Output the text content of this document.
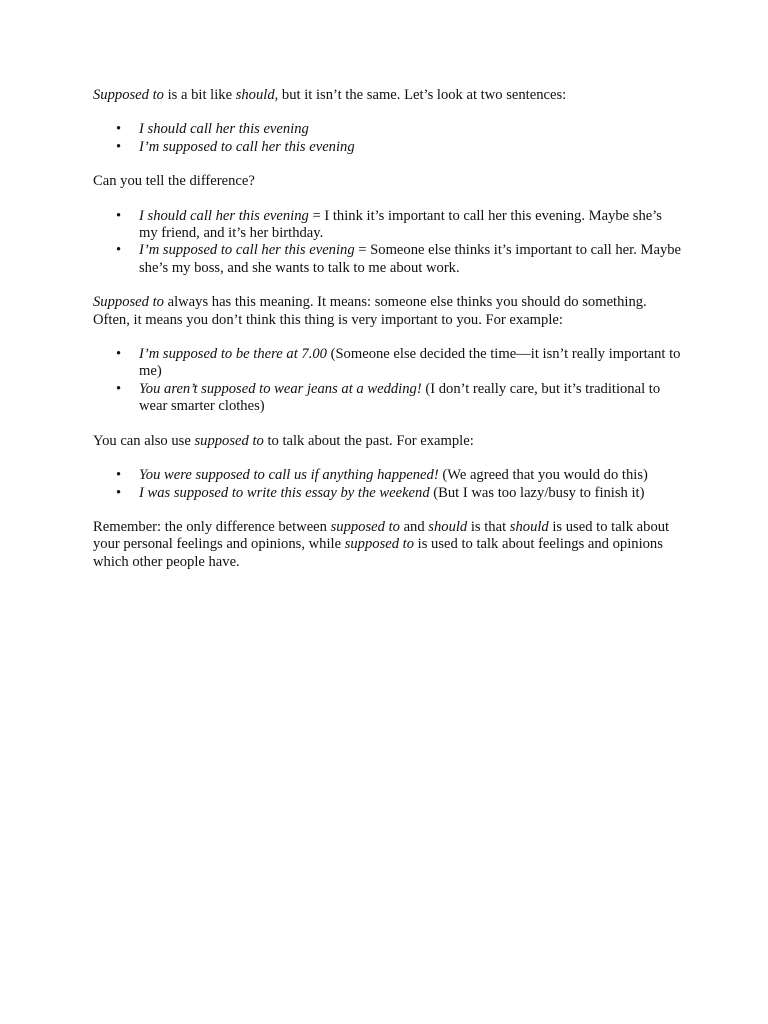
Supposed to is a bit like should, but it isn’t the same. Let’s look at two sentences:

• I should call her this evening
• I’m supposed to call her this evening

Can you tell the difference?

• I should call her this evening = I think it’s important to call her this evening. Maybe she’s my friend, and it’s her birthday.
• I’m supposed to call her this evening = Someone else thinks it’s important to call her. Maybe she’s my boss, and she wants to talk to me about work.

Supposed to always has this meaning. It means: someone else thinks you should do something. Often, it means you don’t think this thing is very important to you. For example:

• I’m supposed to be there at 7.00 (Someone else decided the time—it isn’t really important to me)
• You aren’t supposed to wear jeans at a wedding! (I don’t really care, but it’s traditional to wear smarter clothes)

You can also use supposed to to talk about the past. For example:

• You were supposed to call us if anything happened! (We agreed that you would do this)
• I was supposed to write this essay by the weekend (But I was too lazy/busy to finish it)

Remember: the only difference between supposed to and should is that should is used to talk about your personal feelings and opinions, while supposed to is used to talk about feelings and opinions which other people have.
